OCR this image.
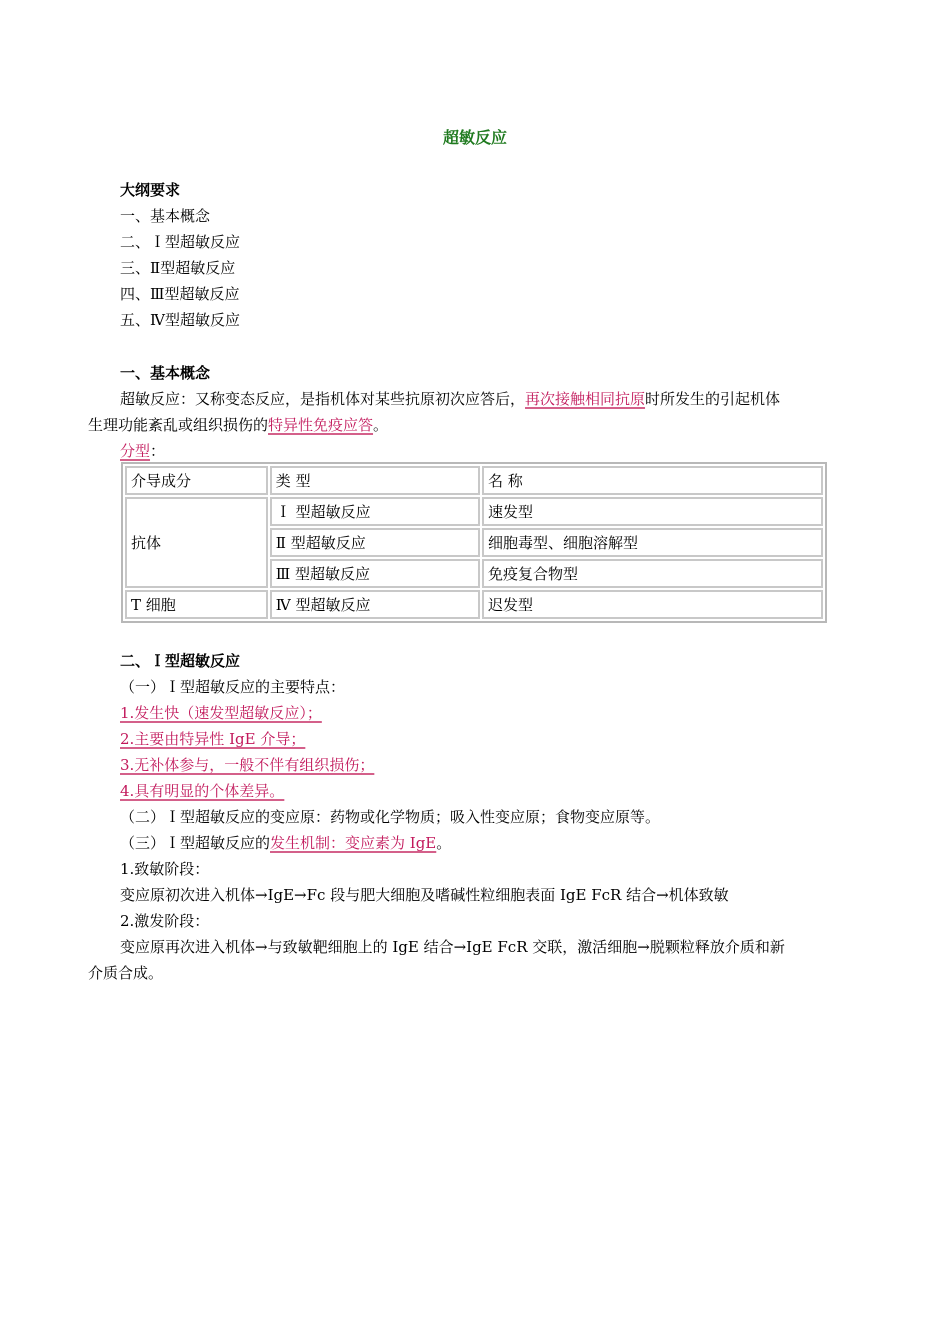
超敏反应
大纲要求
一、基本概念
二、Ｉ型超敏反应
三、Ⅱ型超敏反应
四、Ⅲ型超敏反应
五、Ⅳ型超敏反应
一、基本概念
超敏反应：又称变态反应，是指机体对某些抗原初次应答后，再次接触相同抗原时所发生的引起机体
生理功能紊乱或组织损伤的特异性免疫应答。
分型：
介导成分	类 型	名 称
抗体	Ｉ 型超敏反应	速发型
	Ⅱ 型超敏反应	细胞毒型、细胞溶解型
	Ⅲ 型超敏反应	免疫复合物型
T 细胞	Ⅳ 型超敏反应	迟发型
二、Ｉ型超敏反应
（一）Ｉ型超敏反应的主要特点：
1.发生快（速发型超敏反应）；
2.主要由特异性 IgE 介导；
3.无补体参与，一般不伴有组织损伤；
4.具有明显的个体差异。
（二）Ｉ型超敏反应的变应原：药物或化学物质；吸入性变应原；食物变应原等。
（三）Ｉ型超敏反应的发生机制：变应素为 IgE。
1.致敏阶段：
变应原初次进入机体→IgE→Fc 段与肥大细胞及嗜碱性粒细胞表面 IgE FcR 结合→机体致敏
2.激发阶段：
变应原再次进入机体→与致敏靶细胞上的 IgE 结合→IgE FcR 交联，激活细胞→脱颗粒释放介质和新
介质合成。
